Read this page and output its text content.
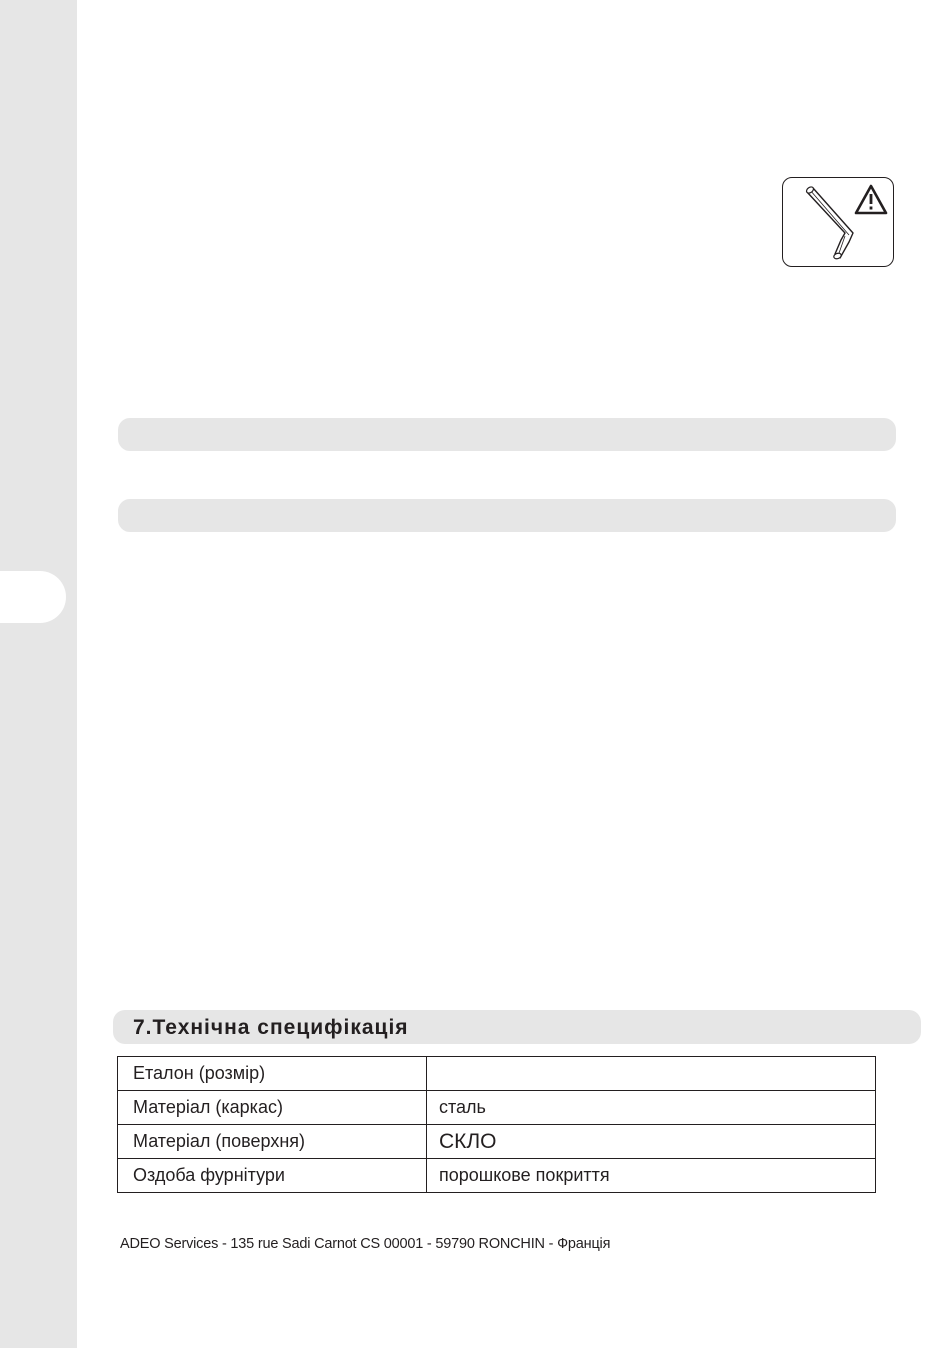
7.Технічна специфікація
Еталон (розмір)	
Матеріал (каркас)	сталь
Матеріал (поверхня)	СКЛО
Оздоба фурнітури	порошкове покриття
ADEO Services - 135 rue Sadi Carnot CS 00001 - 59790 RONCHIN - Франція
